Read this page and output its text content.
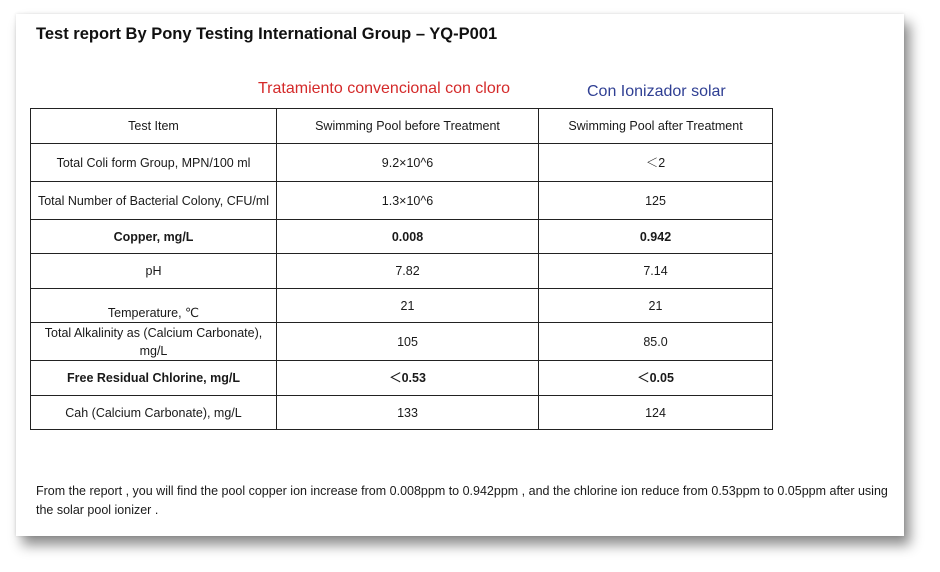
Test report By Pony Testing International Group – YQ-P001
Tratamiento convencional con cloro	Con Ionizador solar
Test Item	Swimming Pool before Treatment	Swimming Pool after Treatment
Total Coli form Group, MPN/100 ml	9.2×10^6	＜2
Total Number of Bacterial Colony, CFU/ml	1.3×10^6	125
Copper, mg/L	0.008	0.942
pH	7.82	7.14
Temperature, ℃	21	21
Total Alkalinity as (Calcium Carbonate), mg/L	105	85.0
Free Residual Chlorine, mg/L	＜0.53	＜0.05
Cah (Calcium Carbonate), mg/L	133	124
From the report , you will find the pool copper ion increase from 0.008ppm to 0.942ppm , and the chlorine ion reduce from 0.53ppm to 0.05ppm after using the solar pool ionizer .
